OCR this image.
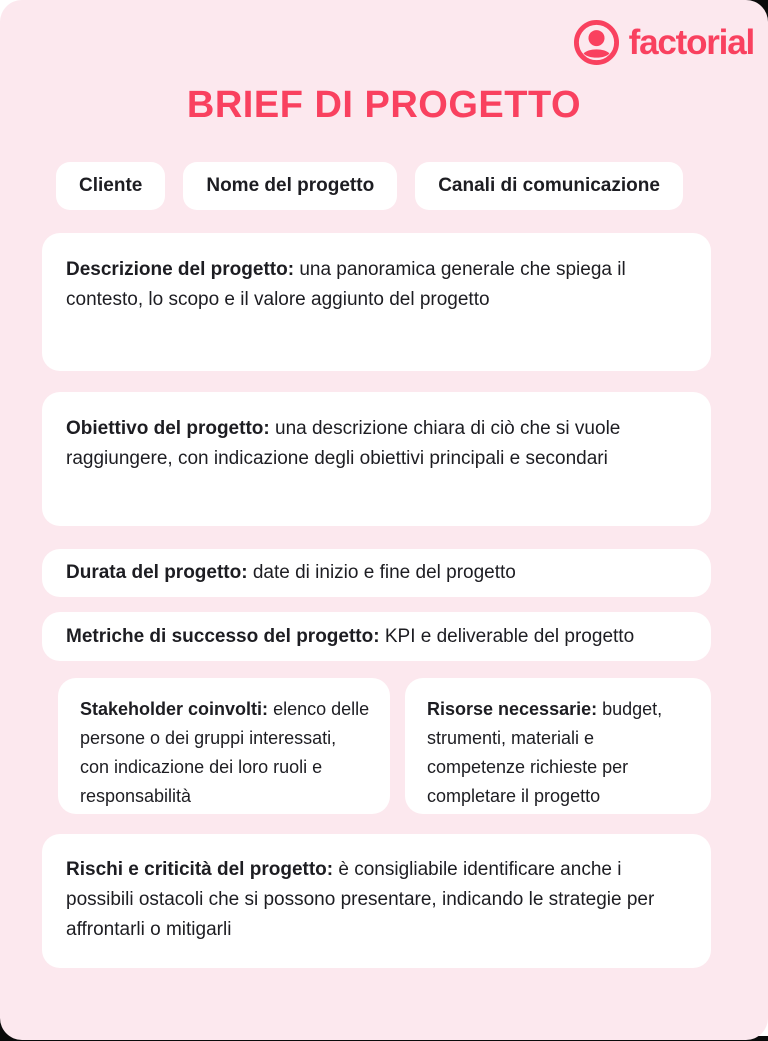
factorial
BRIEF DI PROGETTO
Cliente	Nome del progetto	Canali di comunicazione

Descrizione del progetto: una panoramica generale che spiega il contesto, lo scopo e il valore aggiunto del progetto

Obiettivo del progetto: una descrizione chiara di ciò che si vuole raggiungere, con indicazione degli obiettivi principali e secondari

Durata del progetto: date di inizio e fine del progetto

Metriche di successo del progetto: KPI e deliverable del progetto

Stakeholder coinvolti: elenco delle persone o dei gruppi interessati, con indicazione dei loro ruoli e responsabilità

Risorse necessarie: budget, strumenti, materiali e competenze richieste per completare il progetto

Rischi e criticità del progetto: è consigliabile identificare anche i possibili ostacoli che si possono presentare, indicando le strategie per affrontarli o mitigarli
